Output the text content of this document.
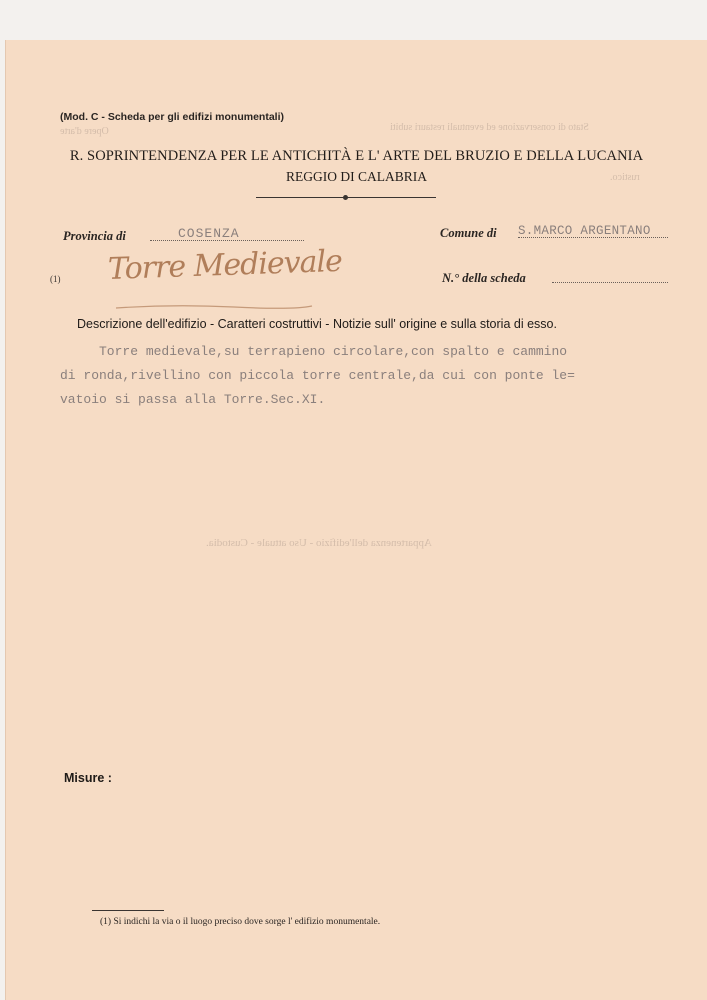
Stato di conservazione ed eventuali restauri subiti
Opere d'arte
rustico.
Appartenenza dell'edifizio - Uso attuale - Custodia.
(Mod. C - Scheda per gli edifizi monumentali)
R. SOPRINTENDENZA PER LE ANTICHITÀ E L' ARTE DEL BRUZIO E DELLA LUCANIA
REGGIO DI CALABRIA
Provincia di	COSENZA	Comune di S.MARCO ARGENTANO
(1) Torre Medievale	N.° della scheda
Descrizione dell'edifizio - Caratteri costruttivi - Notizie sull' origine e sulla storia di esso.
Torre medievale,su terrapieno circolare,con spalto e cammino
di ronda,rivellino con piccola torre centrale,da cui con ponte le=
vatoio si passa alla Torre.Sec.XI.
Misure :
(1) Si indichi la via o il luogo preciso dove sorge l' edifizio monumentale.
